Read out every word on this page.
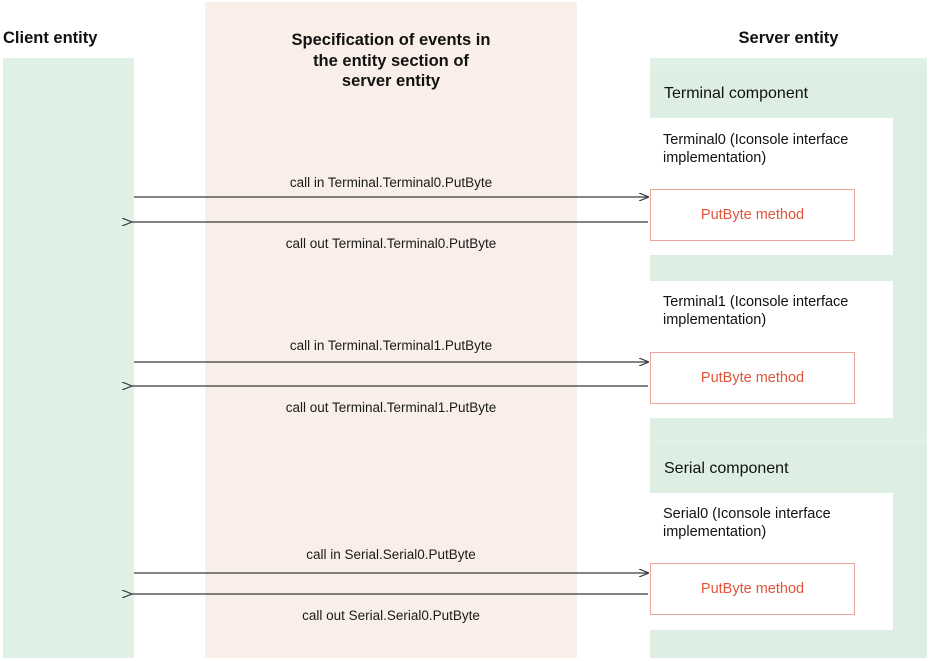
Client entity	Specification of events in
the entity section of
server entity
Server entity
Terminal component
Terminal0 (Iconsole interface implementation)
PutByte method
Terminal1 (Iconsole interface implementation)
PutByte method
Serial component
Serial0 (Iconsole interface implementation)
PutByte method
call in Terminal.Terminal0.PutByte
call out Terminal.Terminal0.PutByte
call in Terminal.Terminal1.PutByte
call out Terminal.Terminal1.PutByte
call in Serial.Serial0.PutByte
call out Serial.Serial0.PutByte
